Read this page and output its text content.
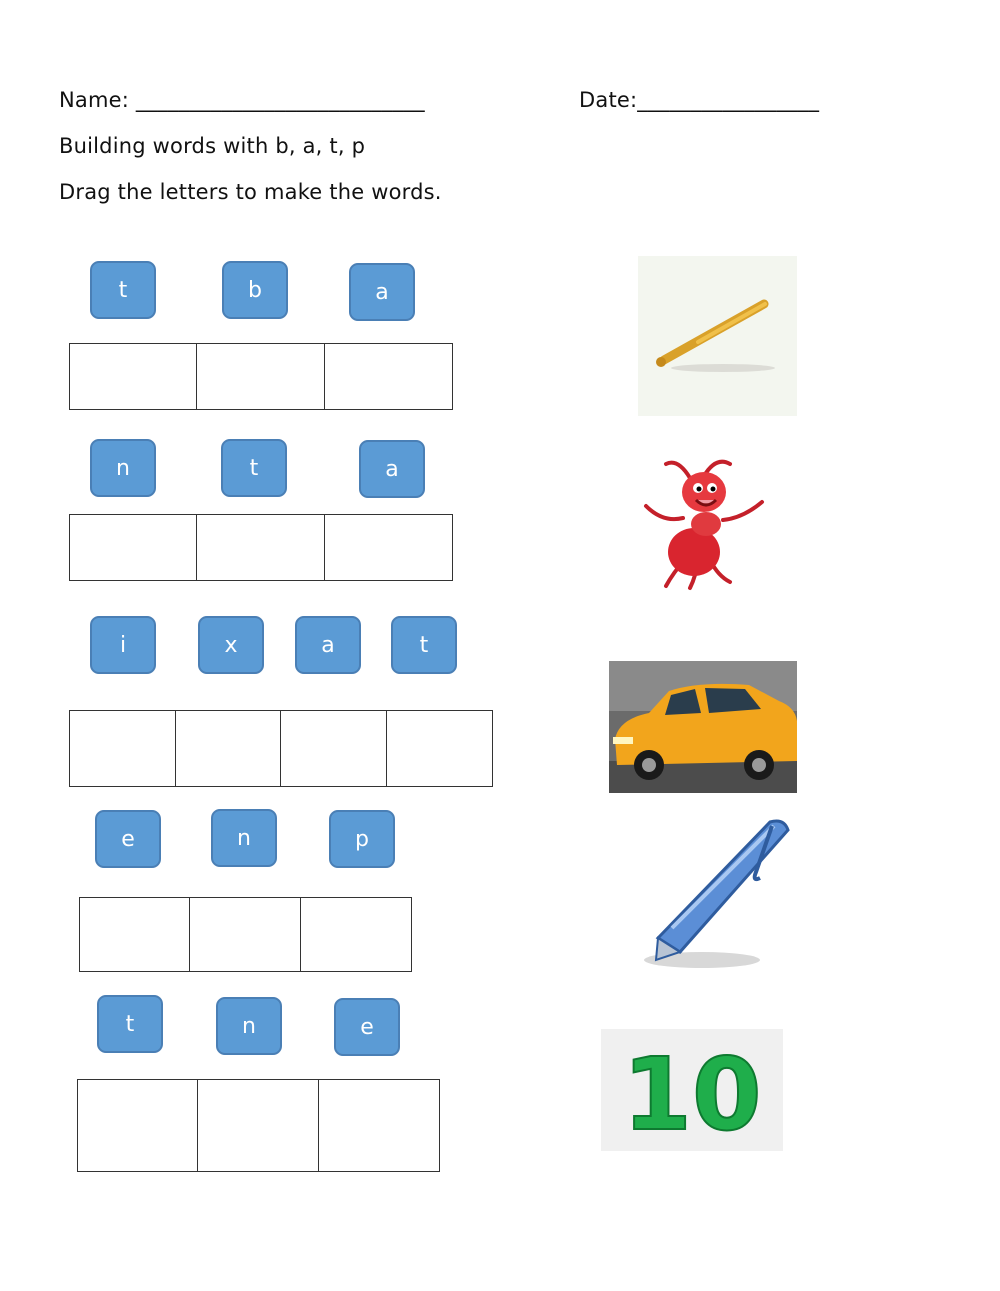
Name: ___________________________	Date:_________________
Building words with b, a, t, p
Drag the letters to make the words.
t	b	a
n	t	a
i	x	a	t
e	n	p
t	n	e
10
